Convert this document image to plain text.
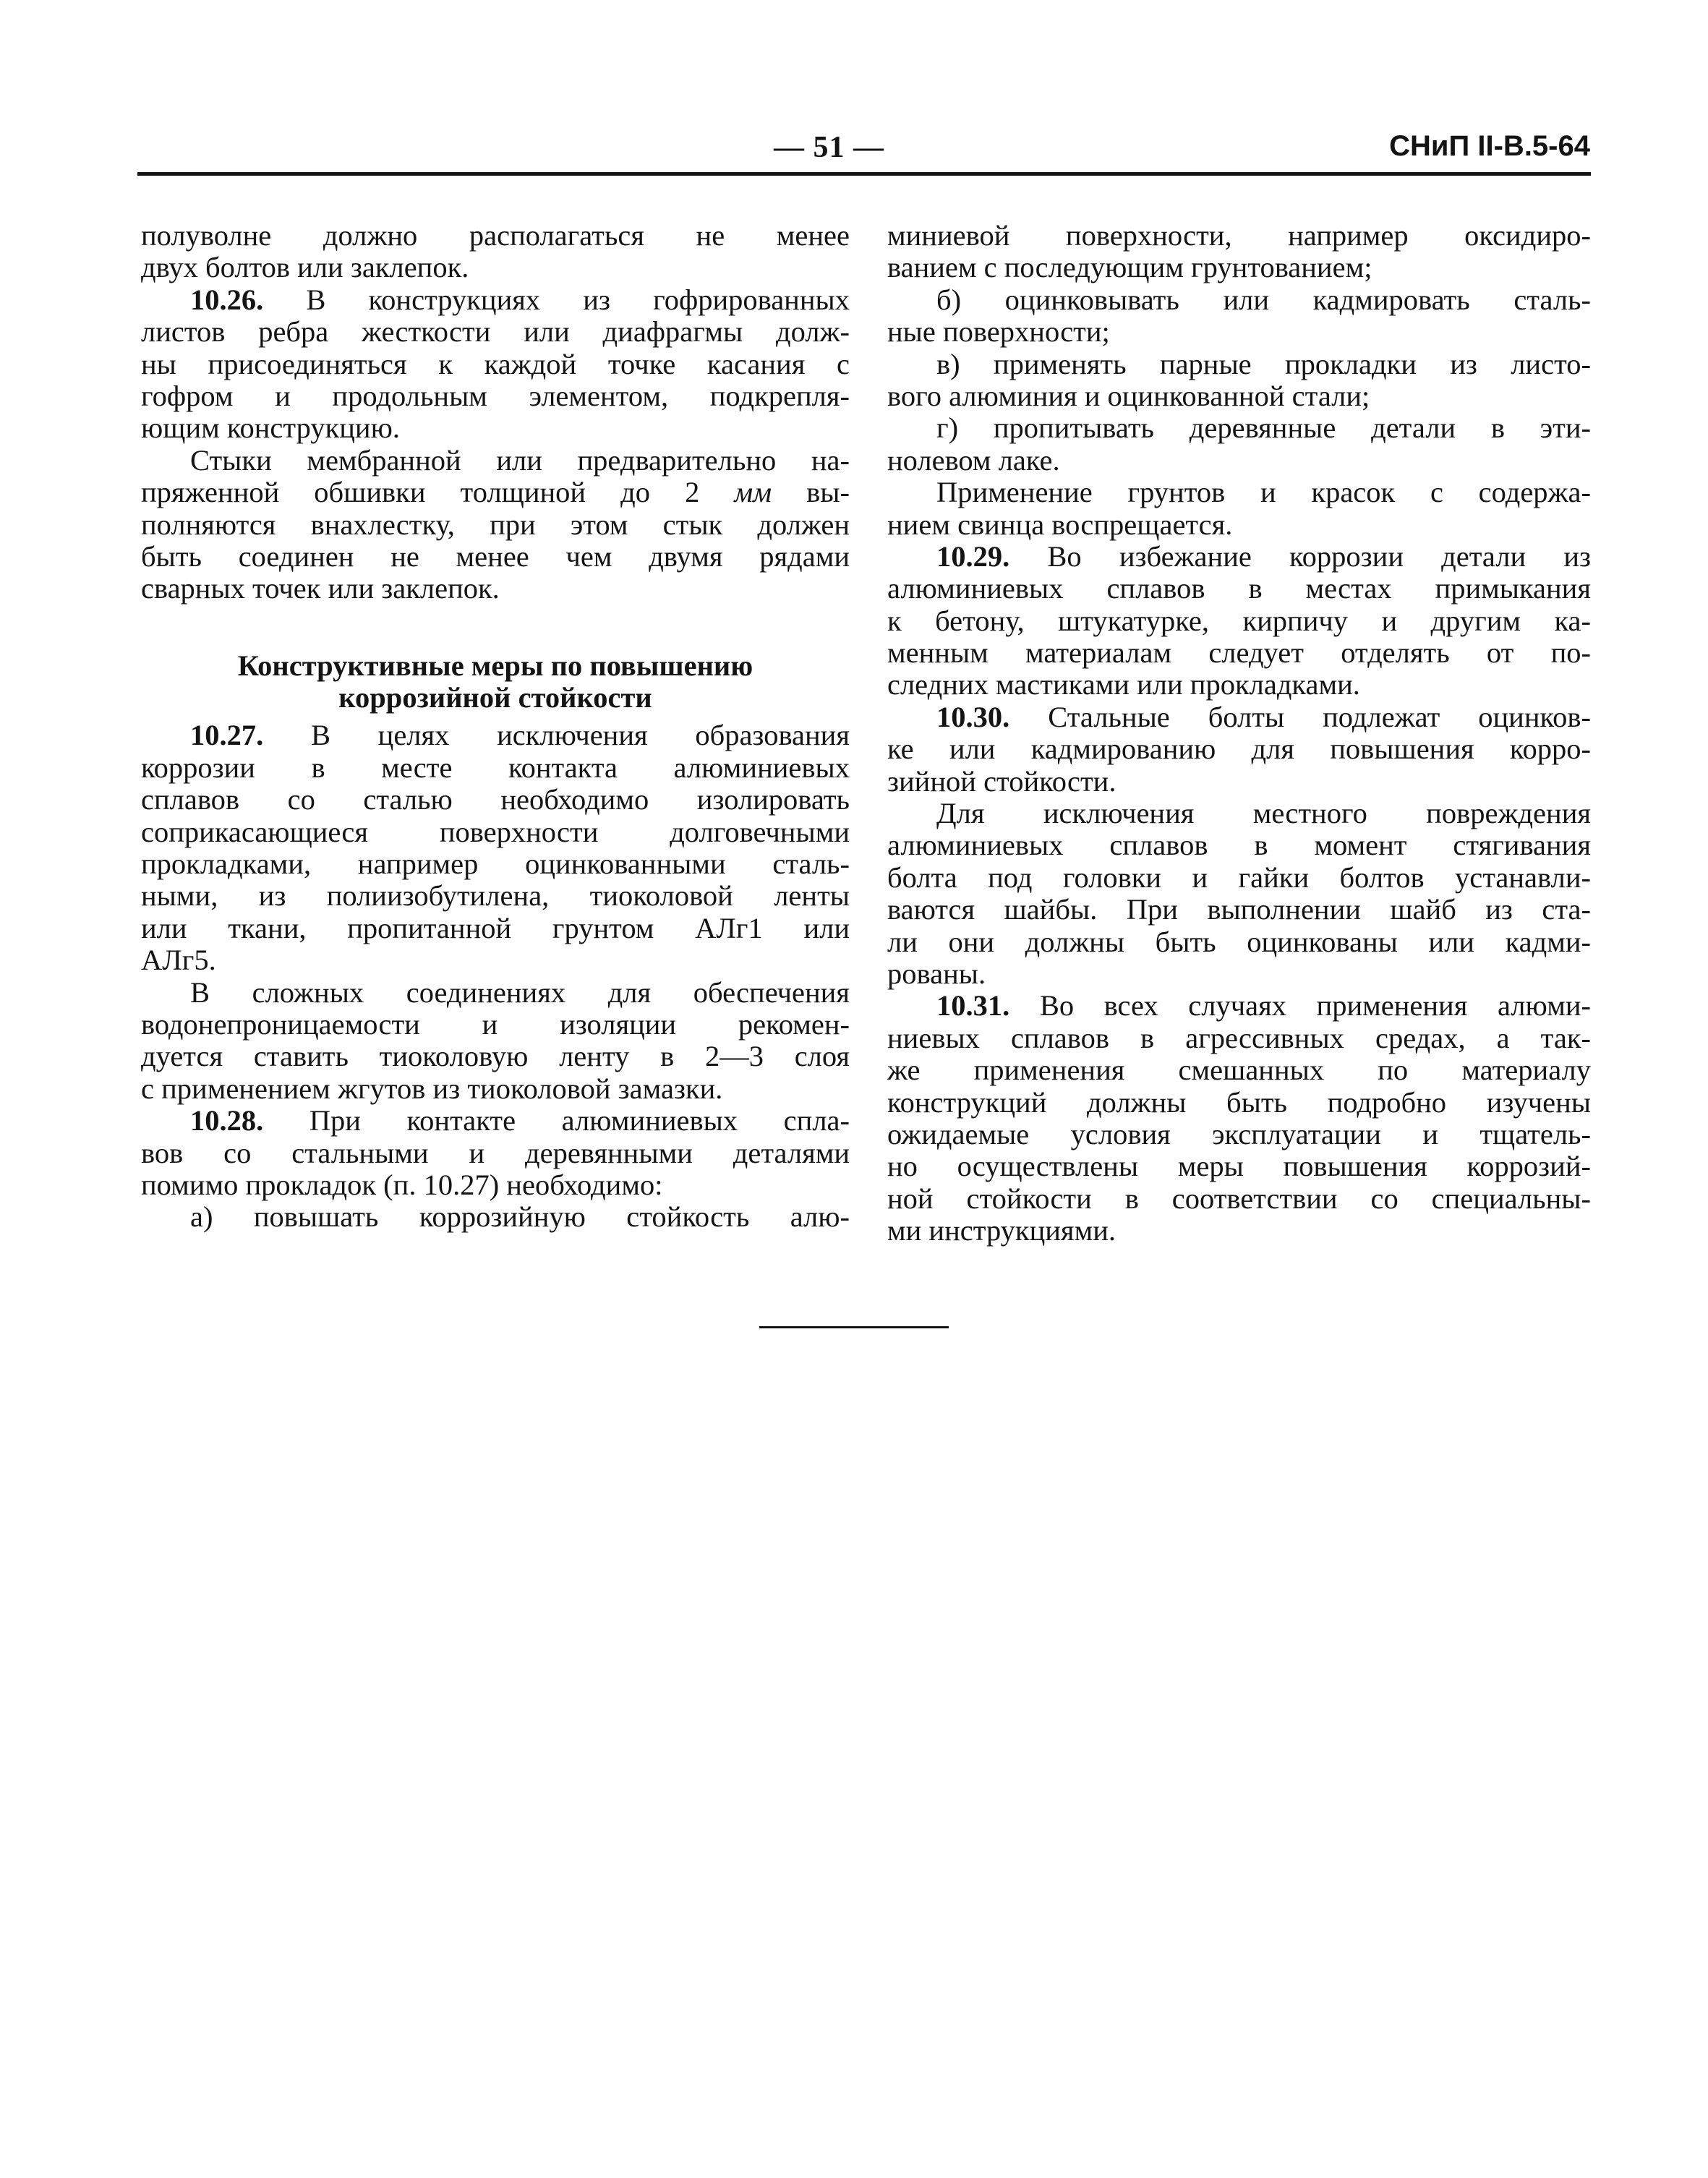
— 51 —	СНиП II-В.5-64
полуволне должно располагаться не менее
двух болтов или заклепок.
10.26. В конструкциях из гофрированных
листов ребра жесткости или диафрагмы долж-
ны присоединяться к каждой точке касания с
гофром и продольным элементом, подкрепля-
ющим конструкцию.
Стыки мембранной или предварительно на-
пряженной обшивки толщиной до 2 мм вы-
полняются внахлестку, при этом стык должен
быть соединен не менее чем двумя рядами
сварных точек или заклепок.
Конструктивные меры по повышению
коррозийной стойкости
10.27. В целях исключения образования
коррозии в месте контакта алюминиевых
сплавов со сталью необходимо изолировать
соприкасающиеся поверхности долговечными
прокладками, например оцинкованными сталь-
ными, из полиизобутилена, тиоколовой ленты
или ткани, пропитанной грунтом АЛг1 или
АЛг5.
В сложных соединениях для обеспечения
водонепроницаемости и изоляции рекомен-
дуется ставить тиоколовую ленту в 2—3 слоя
с применением жгутов из тиоколовой замазки.
10.28. При контакте алюминиевых спла-
вов со стальными и деревянными деталями
помимо прокладок (п. 10.27) необходимо:
а) повышать коррозийную стойкость алю-
миниевой поверхности, например оксидиро-
ванием с последующим грунтованием;
б) оцинковывать или кадмировать сталь-
ные поверхности;
в) применять парные прокладки из листо-
вого алюминия и оцинкованной стали;
г) пропитывать деревянные детали в эти-
нолевом лаке.
Применение грунтов и красок с содержа-
нием свинца воспрещается.
10.29. Во избежание коррозии детали из
алюминиевых сплавов в местах примыкания
к бетону, штукатурке, кирпичу и другим ка-
менным материалам следует отделять от по-
следних мастиками или прокладками.
10.30. Стальные болты подлежат оцинков-
ке или кадмированию для повышения корро-
зийной стойкости.
Для исключения местного повреждения
алюминиевых сплавов в момент стягивания
болта под головки и гайки болтов устанавли-
ваются шайбы. При выполнении шайб из ста-
ли они должны быть оцинкованы или кадми-
рованы.
10.31. Во всех случаях применения алюми-
ниевых сплавов в агрессивных средах, а так-
же применения смешанных по материалу
конструкций должны быть подробно изучены
ожидаемые условия эксплуатации и тщатель-
но осуществлены меры повышения коррозий-
ной стойкости в соответствии со специальны-
ми инструкциями.
